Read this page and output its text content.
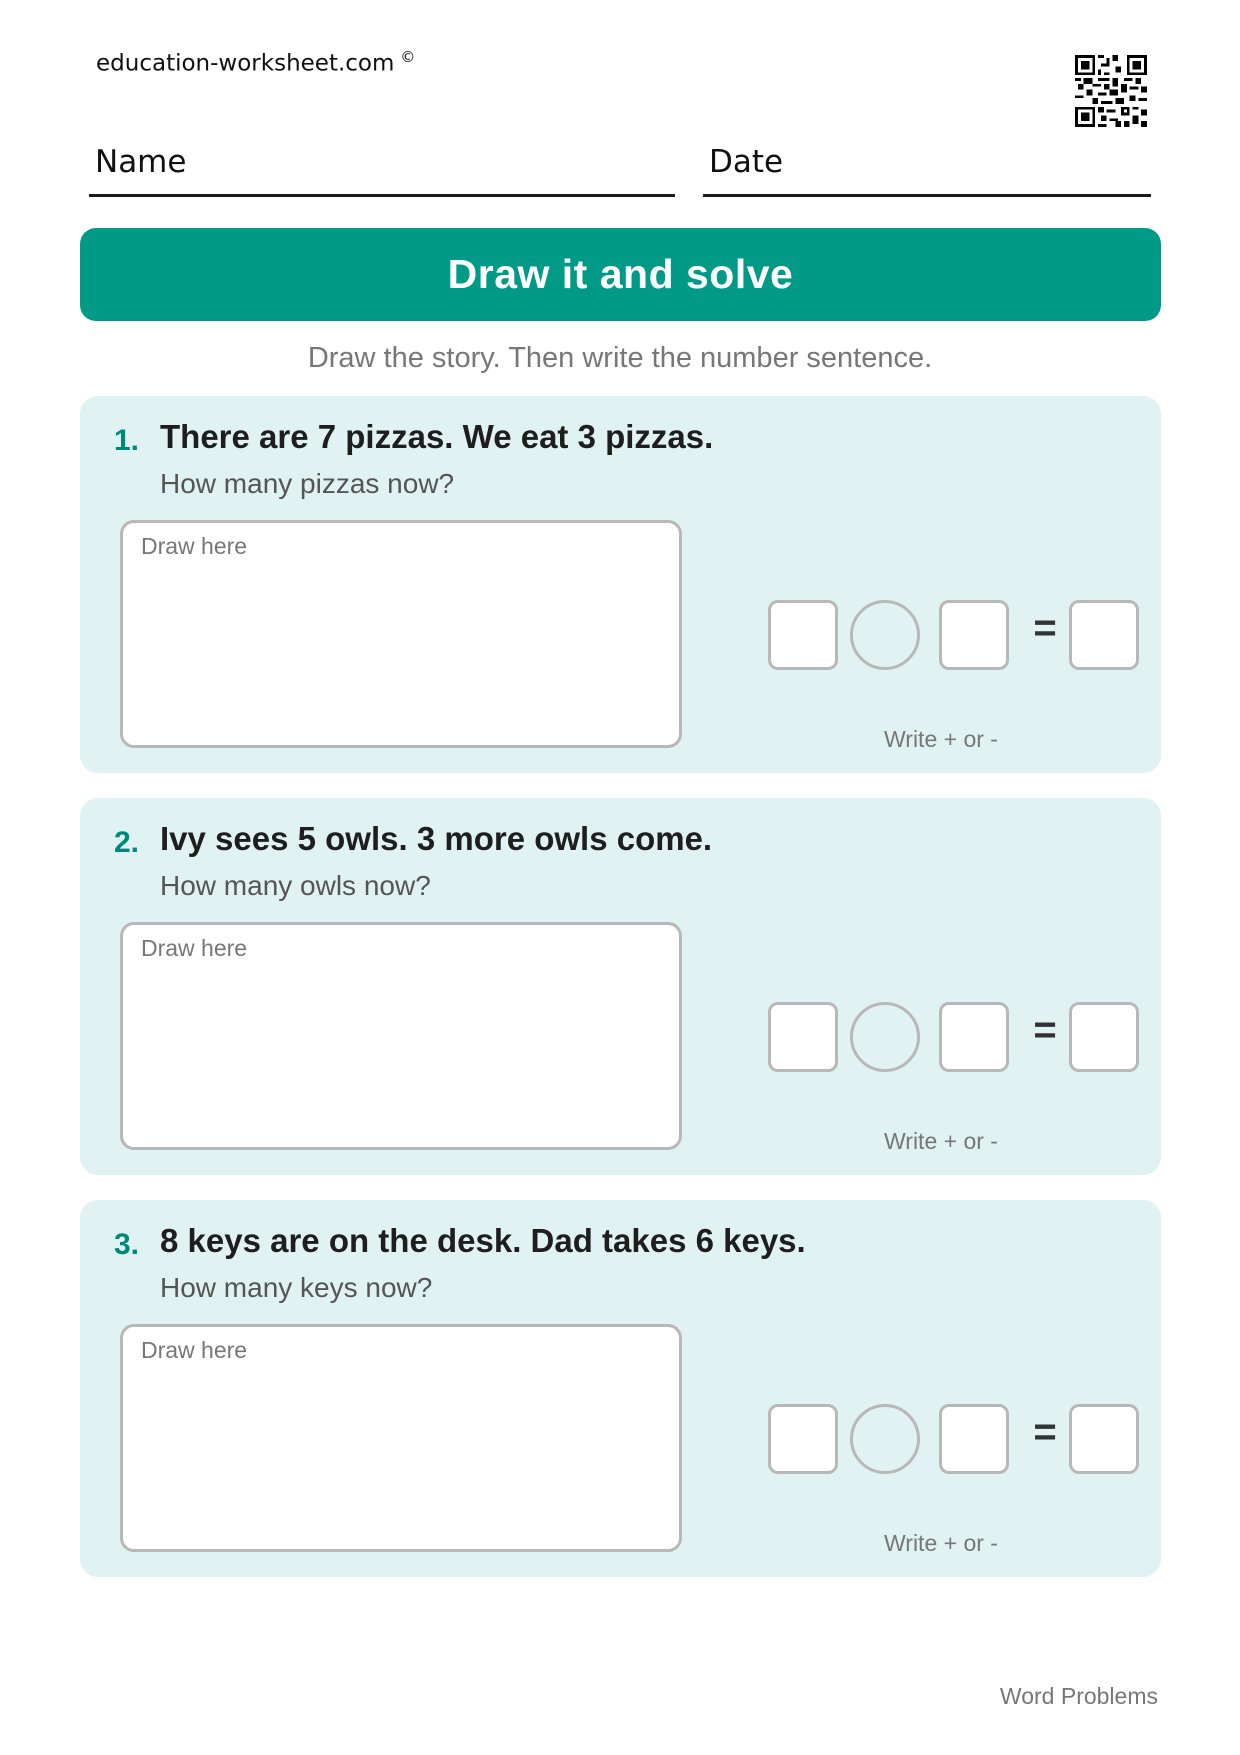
education-worksheet.com ©
Name	Date
Draw it and solve
Draw the story. Then write the number sentence.
1. There are 7 pizzas. We eat 3 pizzas.
How many pizzas now?
Draw here
=
Write + or -
2. Ivy sees 5 owls. 3 more owls come.
How many owls now?
Draw here
=
Write + or -
3. 8 keys are on the desk. Dad takes 6 keys.
How many keys now?
Draw here
=
Write + or -
Word Problems
